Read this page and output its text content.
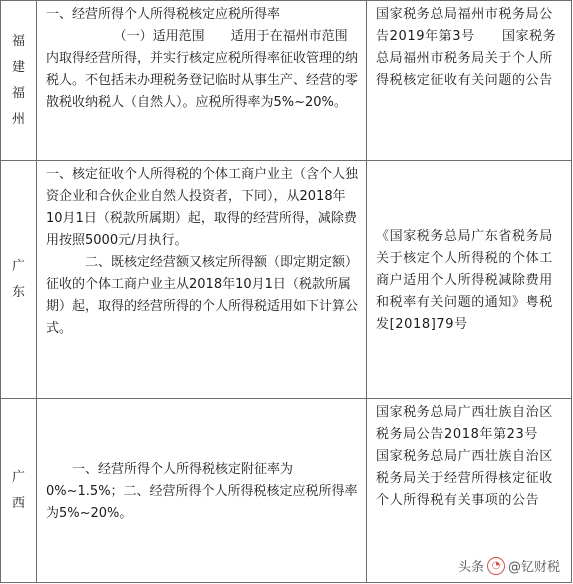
福建福州	一、经营所得个人所得税核定应税所得率

（一）适用范围　　适用于在福州市范围内取得经营所得，并实行核定应税所得率征收管理的纳税人。不包括未办理税务登记临时从事生产、经营的零散税收纳税人（自然人）。应税所得率为5%~20%。	国家税务总局福州市税务局公告2019年第3号　　国家税务总局福州市税务局关于个人所得税核定征收有关问题的公告

广东	一、核定征收个人所得税的个体工商户业主（含个人独资企业和合伙企业自然人投资者，下同），从2018年10月1日（税款所属期）起，取得的经营所得，减除费用按照5000元/月执行。

二、既核定经营额又核定所得额（即定期定额）征收的个体工商户业主从2018年10月1日（税款所属期）起，取得的经营所得的个人所得税适用如下计算公式。	《国家税务总局广东省税务局关于核定个人所得税的个体工商户适用个人所得税减除费用和税率有关问题的通知》粤税发[2018]79号

广西	一、经营所得个人所得税核定附征率为0%~1.5%；二、经营所得个人所得税核定应税所得率为5%~20%。	国家税务总局广西壮族自治区税务局公告2018年第23号　　国家税务总局广西壮族自治区税务局关于经营所得核定征收个人所得税有关事项的公告

头条 ◔ @钇财税
